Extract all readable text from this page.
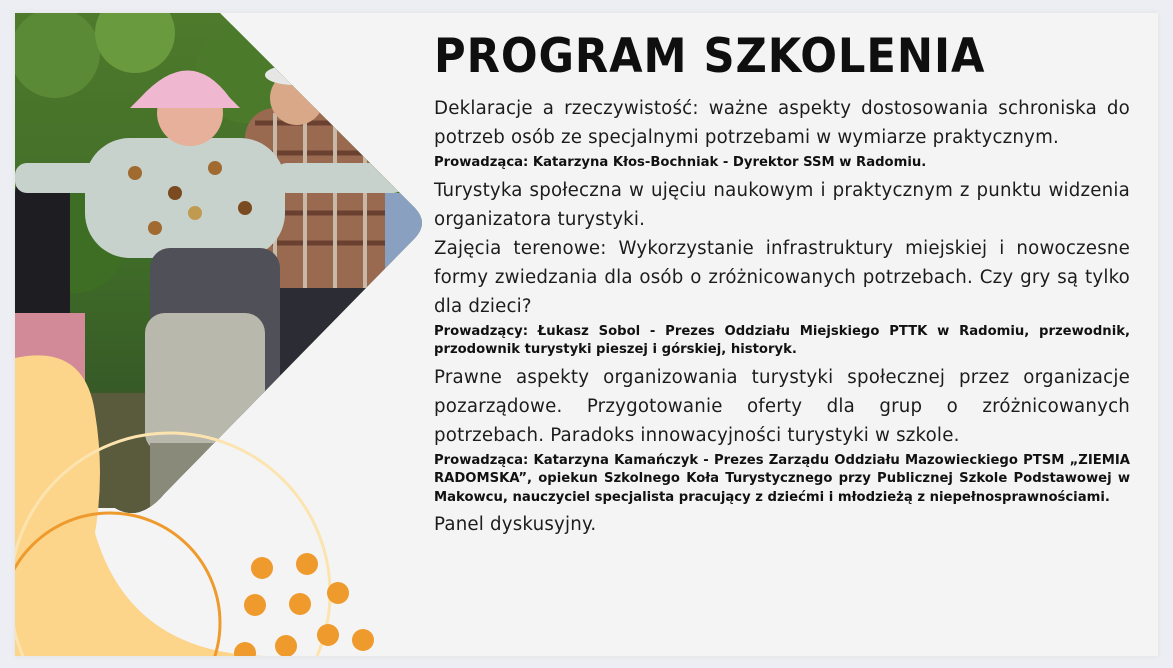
PROGRAM SZKOLENIA

Deklaracje a rzeczywistość: ważne aspekty dostosowania schroniska do potrzeb osób ze specjalnymi potrzebami w wymiarze praktycznym.

Prowadząca: Katarzyna Kłos-Bochniak - Dyrektor SSM w Radomiu.

Turystyka społeczna w ujęciu naukowym i praktycznym z punktu widzenia organizatora turystyki.

Zajęcia terenowe: Wykorzystanie infrastruktury miejskiej i nowoczesne formy zwiedzania dla osób o zróżnicowanych potrzebach. Czy gry są tylko dla dzieci?

Prowadzący: Łukasz Sobol - Prezes Oddziału Miejskiego PTTK w Radomiu, przewodnik, przodownik turystyki pieszej i górskiej, historyk.

Prawne aspekty organizowania turystyki społecznej przez organizacje pozarządowe. Przygotowanie oferty dla grup o zróżnicowanych potrzebach. Paradoks innowacyjności turystyki w szkole.

Prowadząca: Katarzyna Kamańczyk - Prezes Zarządu Oddziału Mazowieckiego PTSM „ZIEMIA RADOMSKA”, opiekun Szkolnego Koła Turystycznego przy Publicznej Szkole Podstawowej w Makowcu, nauczyciel specjalista pracujący z dziećmi i młodzieżą z niepełnosprawnościami.

Panel dyskusyjny.
